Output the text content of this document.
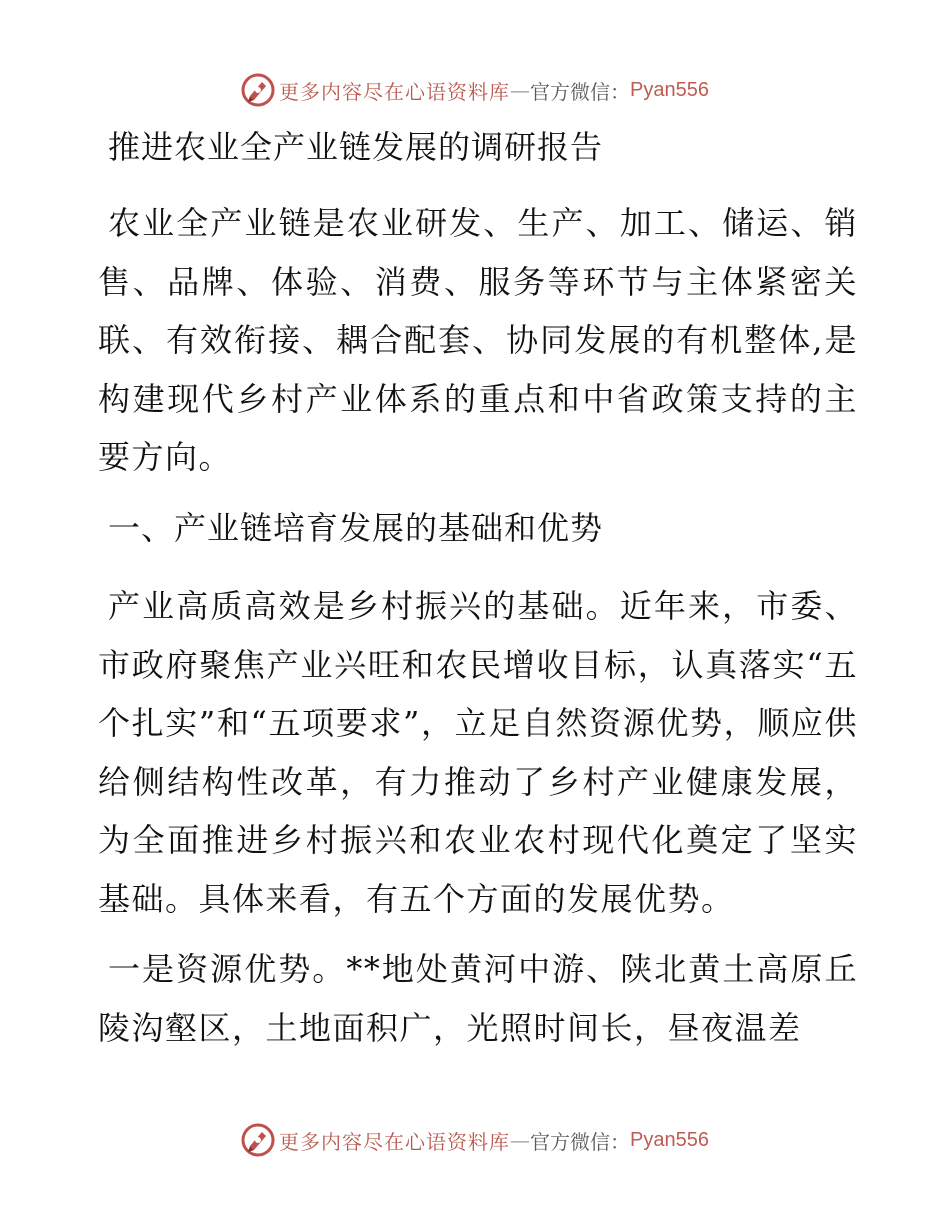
更多内容尽在心语资料库 — 官方微信： Pyan556
推进农业全产业链发展的调研报告

农业全产业链是农业研发、生产、加工、储运、销售、品牌、体验、消费、服务等环节与主体紧密关联、有效衔接、耦合配套、协同发展的有机整体,是构建现代乡村产业体系的重点和中省政策支持的主要方向。

一、产业链培育发展的基础和优势

产业高质高效是乡村振兴的基础。近年来，市委、市政府聚焦产业兴旺和农民增收目标，认真落实“五个扎实”和“五项要求”，立足自然资源优势，顺应供给侧结构性改革，有力推动了乡村产业健康发展，为全面推进乡村振兴和农业农村现代化奠定了坚实基础。具体来看，有五个方面的发展优势。

一是资源优势。**地处黄河中游、陕北黄土高原丘陵沟壑区，土地面积广，光照时间长，昼夜温差

更多内容尽在心语资料库 — 官方微信： Pyan556
